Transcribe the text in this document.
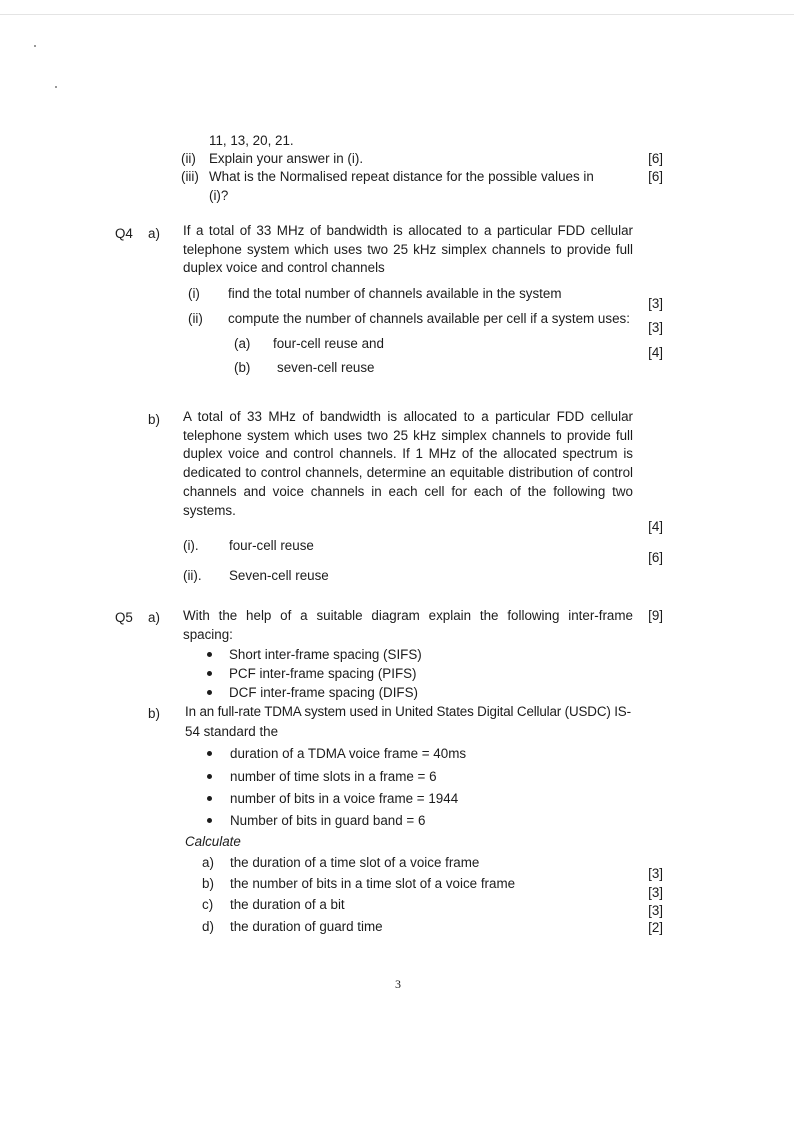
11, 13, 20, 21.
(ii) Explain your answer in (i).	[6]
(iii) What is the Normalised repeat distance for the possible values in
(i)?
[6]
Q4 a) If a total of 33 MHz of bandwidth is allocated to a particular FDD cellular telephone system which uses two 25 kHz simplex channels to provide full duplex voice and control channels
(i) find the total number of channels available in the system
(ii) compute the number of channels available per cell if a system uses:
(a) four-cell reuse and
(b) seven-cell reuse
[3]
[3]
[4]
b) A total of 33 MHz of bandwidth is allocated to a particular FDD cellular telephone system which uses two 25 kHz simplex channels to provide full duplex voice and control channels. If 1 MHz of the allocated spectrum is dedicated to control channels, determine an equitable distribution of control channels and voice channels in each cell for each of the following two systems.
(i). four-cell reuse
(ii). Seven-cell reuse
[4]
[6]
Q5 a) With the help of a suitable diagram explain the following inter-frame
spacing:
[9]
Short inter-frame spacing (SIFS)
PCF inter-frame spacing (PIFS)
DCF inter-frame spacing (DIFS)
b) In an full-rate TDMA system used in United States Digital Cellular (USDC) IS-
54 standard the
duration of a TDMA voice frame = 40ms
number of time slots in a frame = 6
number of bits in a voice frame = 1944
Number of bits in guard band = 6
Calculate
a) the duration of a time slot of a voice frame
b) the number of bits in a time slot of a voice frame
c) the duration of a bit
d) the duration of guard time
[3]
[3]
[3]
[2]
3
